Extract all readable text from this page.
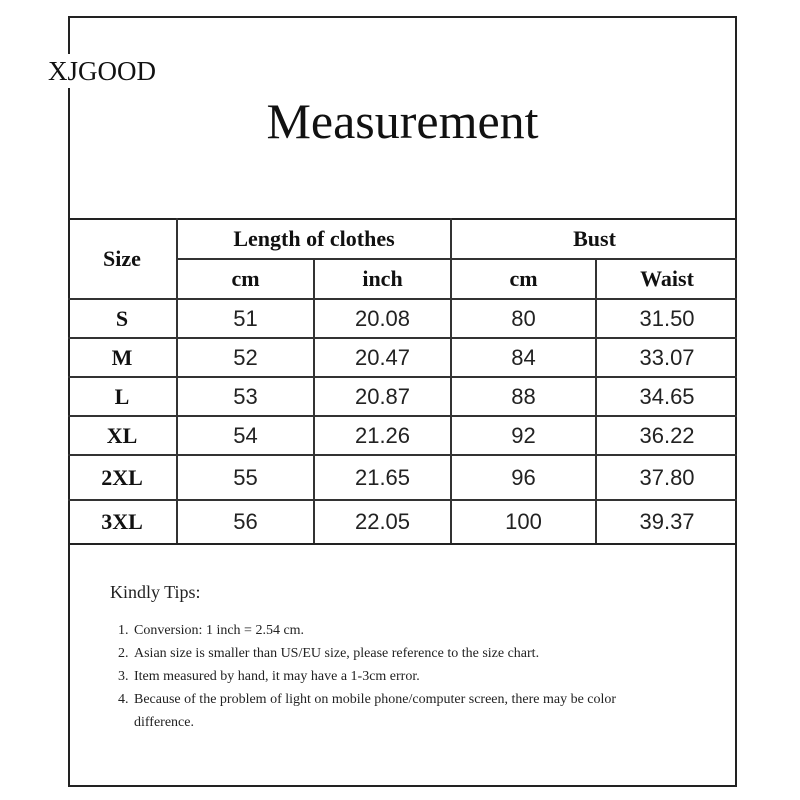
XJGOOD
Measurement
Size	Length of clothes		Bust	
	cm	inch	cm	Waist
S	51	20.08	80	31.50
M	52	20.47	84	33.07
L	53	20.87	88	34.65
XL	54	21.26	92	36.22
2XL	55	21.65	96	37.80
3XL	56	22.05	100	39.37
Kindly Tips:
1. Conversion: 1 inch = 2.54 cm.
2. Asian size is smaller than US/EU size, please reference to the size chart.
3. Item measured by hand, it may have a 1-3cm error.
4. Because of the problem of light on mobile phone/computer screen, there may be color difference.
